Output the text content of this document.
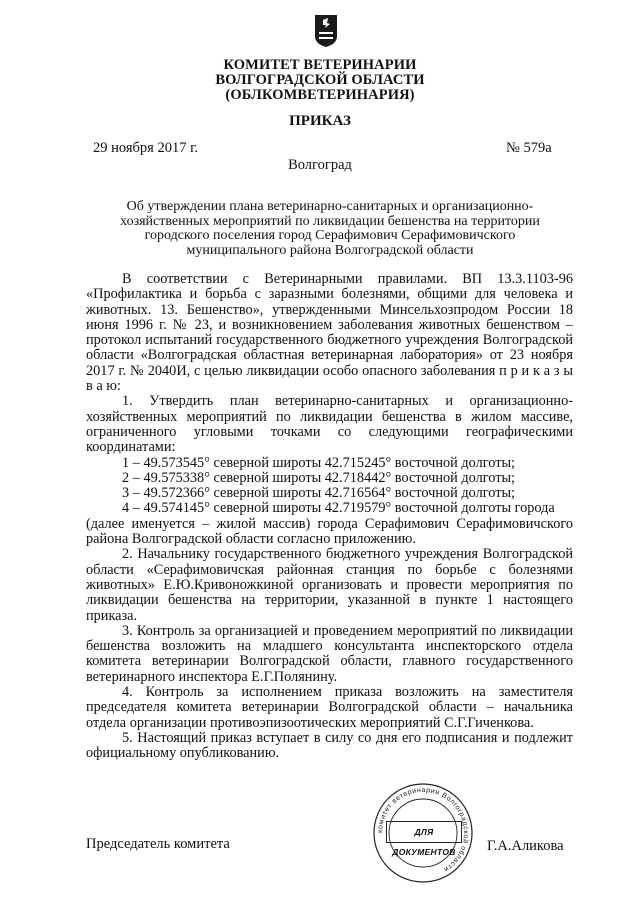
КОМИТЕТ ВЕТЕРИНАРИИ
ВОЛГОГРАДСКОЙ ОБЛАСТИ
(ОБЛКОМВЕТЕРИНАРИЯ)
ПРИКАЗ
29 ноября 2017 г.	№ 579а
Волгоград
Об утверждении плана ветеринарно-санитарных и организационно-
хозяйственных мероприятий по ликвидации бешенства на территории
городского поселения город Серафимович Серафимовичского
муниципального района Волгоградской области

В соответствии с Ветеринарными правилами. ВП 13.3.1103-96 «Профилактика и борьба с заразными болезнями, общими для человека и животных. 13. Бешенство», утвержденными Минсельхозпродом России 18 июня 1996 г. № 23, и возникновением заболевания животных бешенством – протокол испытаний государственного бюджетного учреждения Волгоградской области «Волгоградская областная ветеринарная лаборатория» от 23 ноября 2017 г. № 2040И, с целью ликвидации особо опасного заболевания п р и к а з ы в а ю:

1. Утвердить план ветеринарно-санитарных и организационно-хозяйственных мероприятий по ликвидации бешенства в жилом массиве, ограниченного угловыми точками со следующими географическими координатами:

1 – 49.573545° северной широты 42.715245° восточной долготы;

2 – 49.575338° северной широты 42.718442° восточной долготы;

3 – 49.572366° северной широты 42.716564° восточной долготы;

4 – 49.574145° северной широты 42.719579° восточной долготы города

(далее именуется – жилой массив) города Серафимович Серафимовичского района Волгоградской области согласно приложению.

2. Начальнику государственного бюджетного учреждения Волгоградской области «Серафимовичская районная станция по борьбе с болезнями животных» Е.Ю.Кривоножкиной организовать и провести мероприятия по ликвидации бешенства на территории, указанной в пункте 1 настоящего приказа.

3. Контроль за организацией и проведением мероприятий по ликвидации бешенства возложить на младшего консультанта инспекторского отдела комитета ветеринарии Волгоградской области, главного государственного ветеринарного инспектора Е.Г.Полянину.

4. Контроль за исполнением приказа возложить на заместителя председателя комитета ветеринарии Волгоградской области – начальника отдела организации противоэпизоотических мероприятий С.Г.Гиченкова.

5. Настоящий приказ вступает в силу со дня его подписания и подлежит официальному опубликованию.

Председатель комитета	Г.А.Аликова
комитет ветеринарии Волгоградской области
ДЛЯ ДОКУМЕНТОВ
